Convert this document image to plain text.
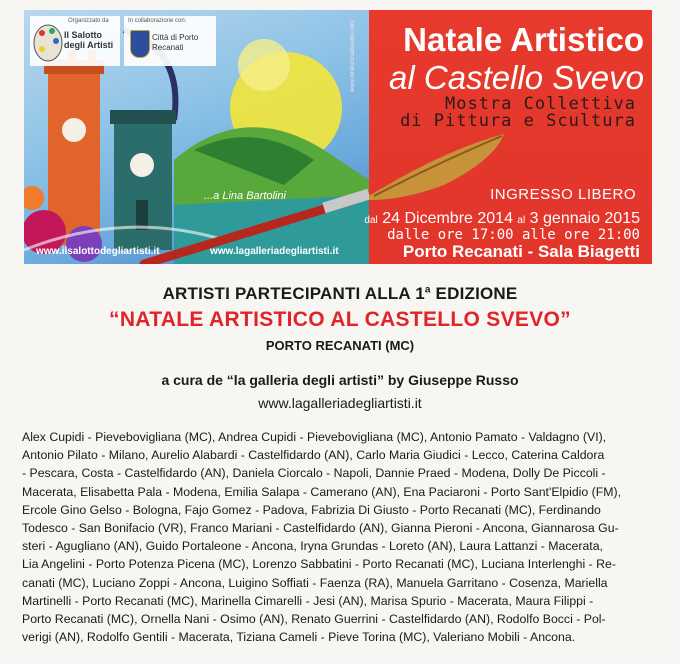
Organizzato da
Il Salotto degli Artisti
In collaborazione con:
Città di Porto Recanati
...a Lina Bartolini
www.ilsalottodegliartisti.it	www.lagalleriadegliartisti.it
www.lorenzoSabbatini.com	Natale Artistico
al Castello Svevo
Mostra Collettiva
di Pittura e Scultura
INGRESSO LIBERO
dal 24 Dicembre 2014 al 3 gennaio 2015
dalle ore 17:00 alle ore 21:00
Porto Recanati - Sala Biagetti
ARTISTI PARTECIPANTI ALLA 1$^a$ EDIZIONE
“NATALE ARTISTICO AL CASTELLO SVEVO”
PORTO RECANATI (MC)
a cura de “la galleria degli artisti” by Giuseppe Russo
www.lagalleriadegliartisti.it
Alex Cupidi - Pievebovigliana (MC), Andrea Cupidi - Pievebovigliana (MC), Antonio Pamato - Valdagno (VI),
Antonio Pilato - Milano, Aurelio Alabardi - Castelfidardo (AN), Carlo Maria Giudici - Lecco, Caterina Caldora
- Pescara, Costa - Castelfidardo (AN), Daniela Ciorcalo - Napoli, Dannie Praed - Modena, Dolly De Piccoli -
Macerata, Elisabetta Pala - Modena, Emilia Salapa - Camerano (AN), Ena Paciaroni - Porto Sant'Elpidio (FM),
Ercole Gino Gelso - Bologna, Fajo Gomez - Padova, Fabrizia Di Giusto - Porto Recanati (MC), Ferdinando
Todesco - San Bonifacio (VR), Franco Mariani - Castelfidardo (AN), Gianna Pieroni - Ancona, Giannarosa Gu-
steri - Agugliano (AN), Guido Portaleone - Ancona, Iryna Grundas - Loreto (AN), Laura Lattanzi - Macerata,
Lia Angelini - Porto Potenza Picena (MC), Lorenzo Sabbatini - Porto Recanati (MC), Luciana Interlenghi - Re-
canati (MC), Luciano Zoppi - Ancona, Luigino Soffiati - Faenza (RA), Manuela Garritano - Cosenza, Mariella
Martinelli - Porto Recanati (MC), Marinella Cimarelli - Jesi (AN), Marisa Spurio - Macerata, Maura Filippi -
Porto Recanati (MC), Ornella Nani - Osimo (AN), Renato Guerrini - Castelfidardo (AN), Rodolfo Bocci - Pol-
verigi (AN), Rodolfo Gentili - Macerata, Tiziana Cameli - Pieve Torina (MC), Valeriano Mobili - Ancona.
